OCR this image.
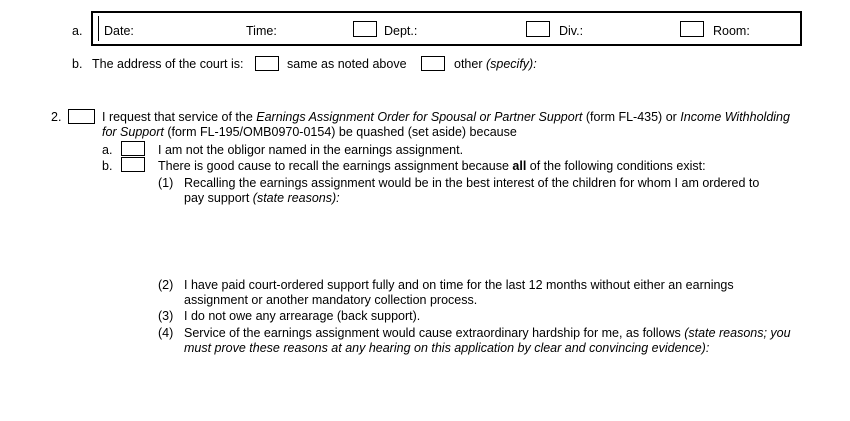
a. Date:	Time:	Dept.:	Div.:	Room:
b. The address of the court is:	same as noted above	other (specify):
2.	I request that service of the Earnings Assignment Order for Spousal or Partner Support (form FL-435) or Income Withholding
for Support (form FL-195/OMB0970-0154) be quashed (set aside) because
a.	I am not the obligor named in the earnings assignment.
b.	There is good cause to recall the earnings assignment because all of the following conditions exist:
(1) Recalling the earnings assignment would be in the best interest of the children for whom I am ordered to
pay support (state reasons):
(2) I have paid court-ordered support fully and on time for the last 12 months without either an earnings
assignment or another mandatory collection process.
(3) I do not owe any arrearage (back support).
(4) Service of the earnings assignment would cause extraordinary hardship for me, as follows (state reasons; you
must prove these reasons at any hearing on this application by clear and convincing evidence):
